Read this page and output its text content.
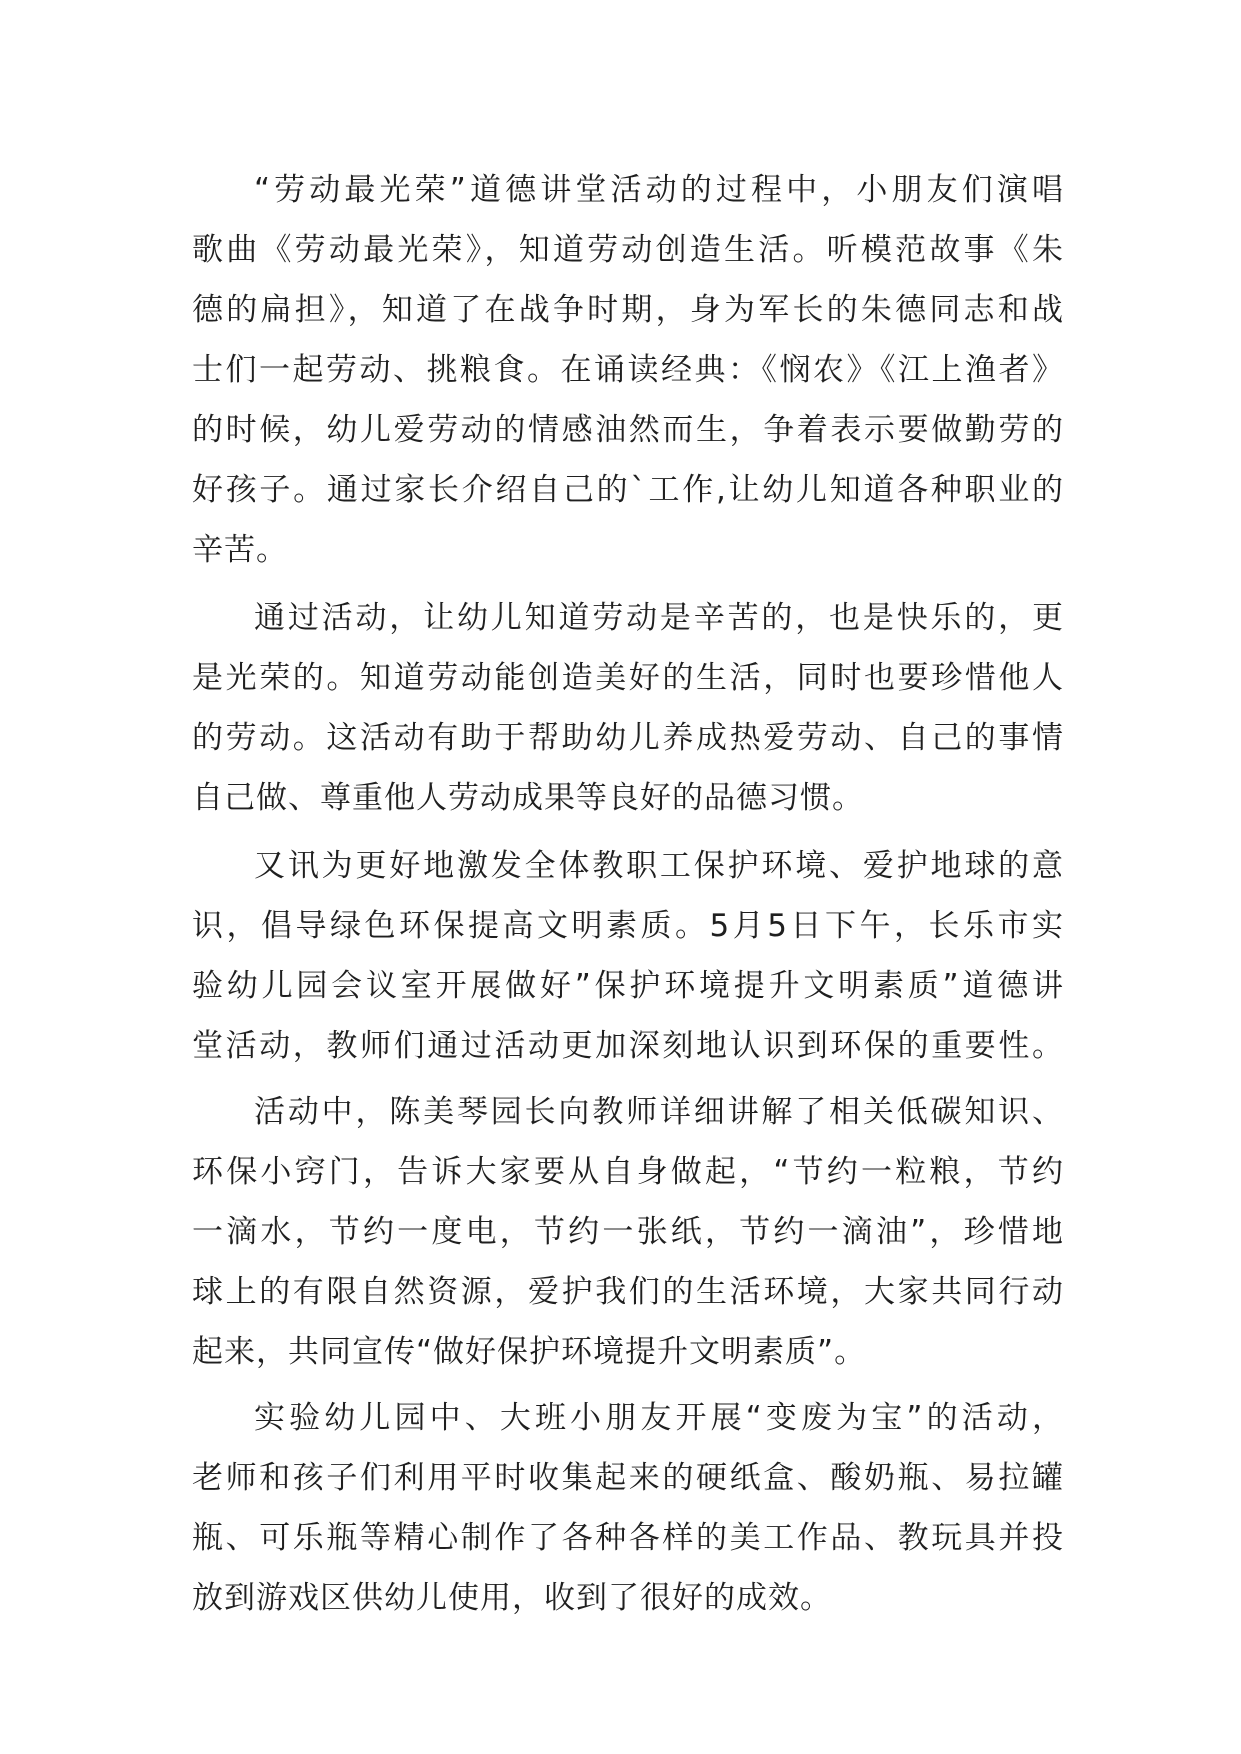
“劳动最光荣”道德讲堂活动的过程中，小朋友们演唱
歌曲《劳动最光荣》，知道劳动创造生活。听模范故事《朱
德的扁担》，知道了在战争时期，身为军长的朱德同志和战
士们一起劳动、挑粮食。在诵读经典：《悯农》《江上渔者》
的时候，幼儿爱劳动的情感油然而生，争着表示要做勤劳的
好孩子。通过家长介绍自己的`工作,让幼儿知道各种职业的
辛苦。
通过活动，让幼儿知道劳动是辛苦的，也是快乐的，更
是光荣的。知道劳动能创造美好的生活，同时也要珍惜他人
的劳动。这活动有助于帮助幼儿养成热爱劳动、自己的事情
自己做、尊重他人劳动成果等良好的品德习惯。
又讯为更好地激发全体教职工保护环境、爱护地球的意
识，倡导绿色环保提高文明素质。5月5日下午，长乐市实
验幼儿园会议室开展做好”保护环境提升文明素质”道德讲
堂活动，教师们通过活动更加深刻地认识到环保的重要性。
活动中，陈美琴园长向教师详细讲解了相关低碳知识、
环保小窍门，告诉大家要从自身做起，“节约一粒粮，节约
一滴水，节约一度电，节约一张纸，节约一滴油”，珍惜地
球上的有限自然资源，爱护我们的生活环境，大家共同行动
起来，共同宣传“做好保护环境提升文明素质”。
实验幼儿园中、大班小朋友开展“变废为宝”的活动，
老师和孩子们利用平时收集起来的硬纸盒、酸奶瓶、易拉罐
瓶、可乐瓶等精心制作了各种各样的美工作品、教玩具并投
放到游戏区供幼儿使用，收到了很好的成效。
